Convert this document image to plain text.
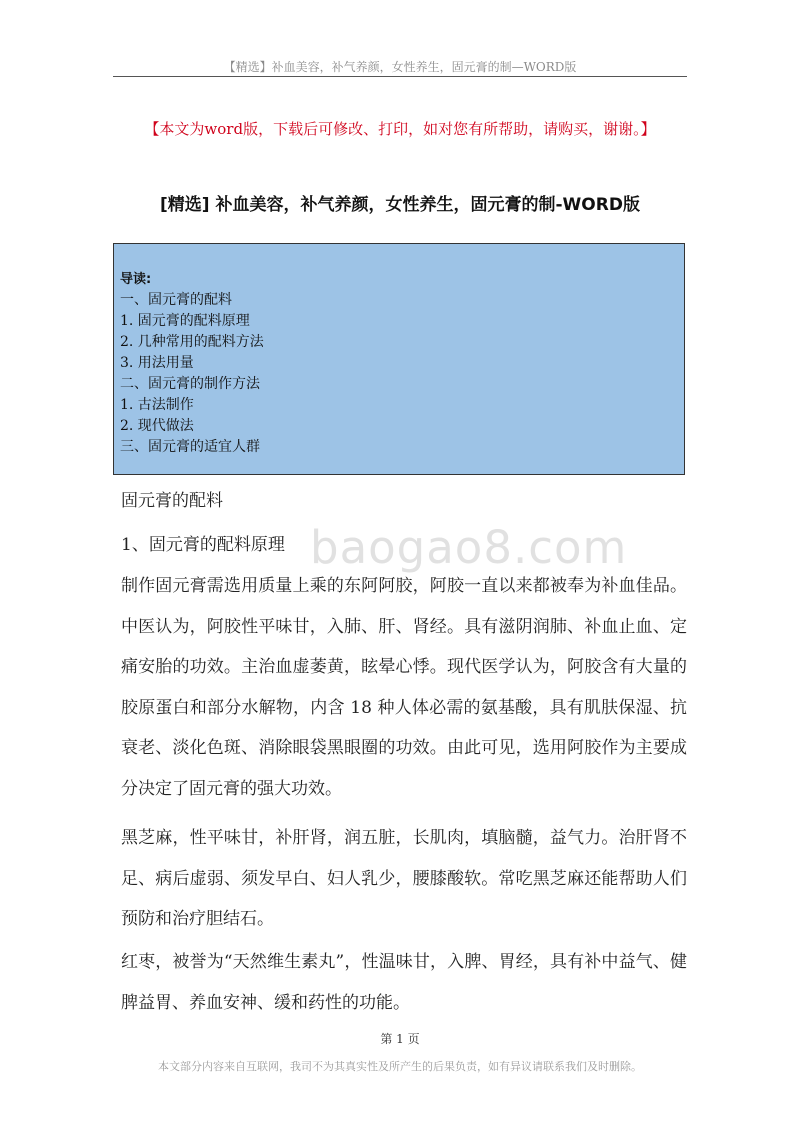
【精选】补血美容，补气养颜，女性养生，固元膏的制—WORD版
【本文为word版，下载后可修改、打印，如对您有所帮助，请购买，谢谢。】
[精选] 补血美容，补气养颜，女性养生，固元膏的制-WORD版
导读:
一、固元膏的配料
1. 固元膏的配料原理
2. 几种常用的配料方法
3. 用法用量
二、固元膏的制作方法
1. 古法制作
2. 现代做法
三、固元膏的适宜人群
baogao8.com
固元膏的配料
1、固元膏的配料原理
制作固元膏需选用质量上乘的东阿阿胶，阿胶一直以来都被奉为补血佳品。中医认为，阿胶性平味甘，入肺、肝、肾经。具有滋阴润肺、补血止血、定痛安胎的功效。主治血虚萎黄，眩晕心悸。现代医学认为，阿胶含有大量的胶原蛋白和部分水解物，内含 18 种人体必需的氨基酸，具有肌肤保湿、抗衰老、淡化色斑、消除眼袋黑眼圈的功效。由此可见，选用阿胶作为主要成分决定了固元膏的强大功效。
黑芝麻，性平味甘，补肝肾，润五脏，长肌肉，填脑髓，益气力。治肝肾不足、病后虚弱、须发早白、妇人乳少，腰膝酸软。常吃黑芝麻还能帮助人们预防和治疗胆结石。
红枣，被誉为“天然维生素丸”，性温味甘，入脾、胃经，具有补中益气、健脾益胃、养血安神、缓和药性的功能。
第 1 页
本文部分内容来自互联网，我司不为其真实性及所产生的后果负责，如有异议请联系我们及时删除。
